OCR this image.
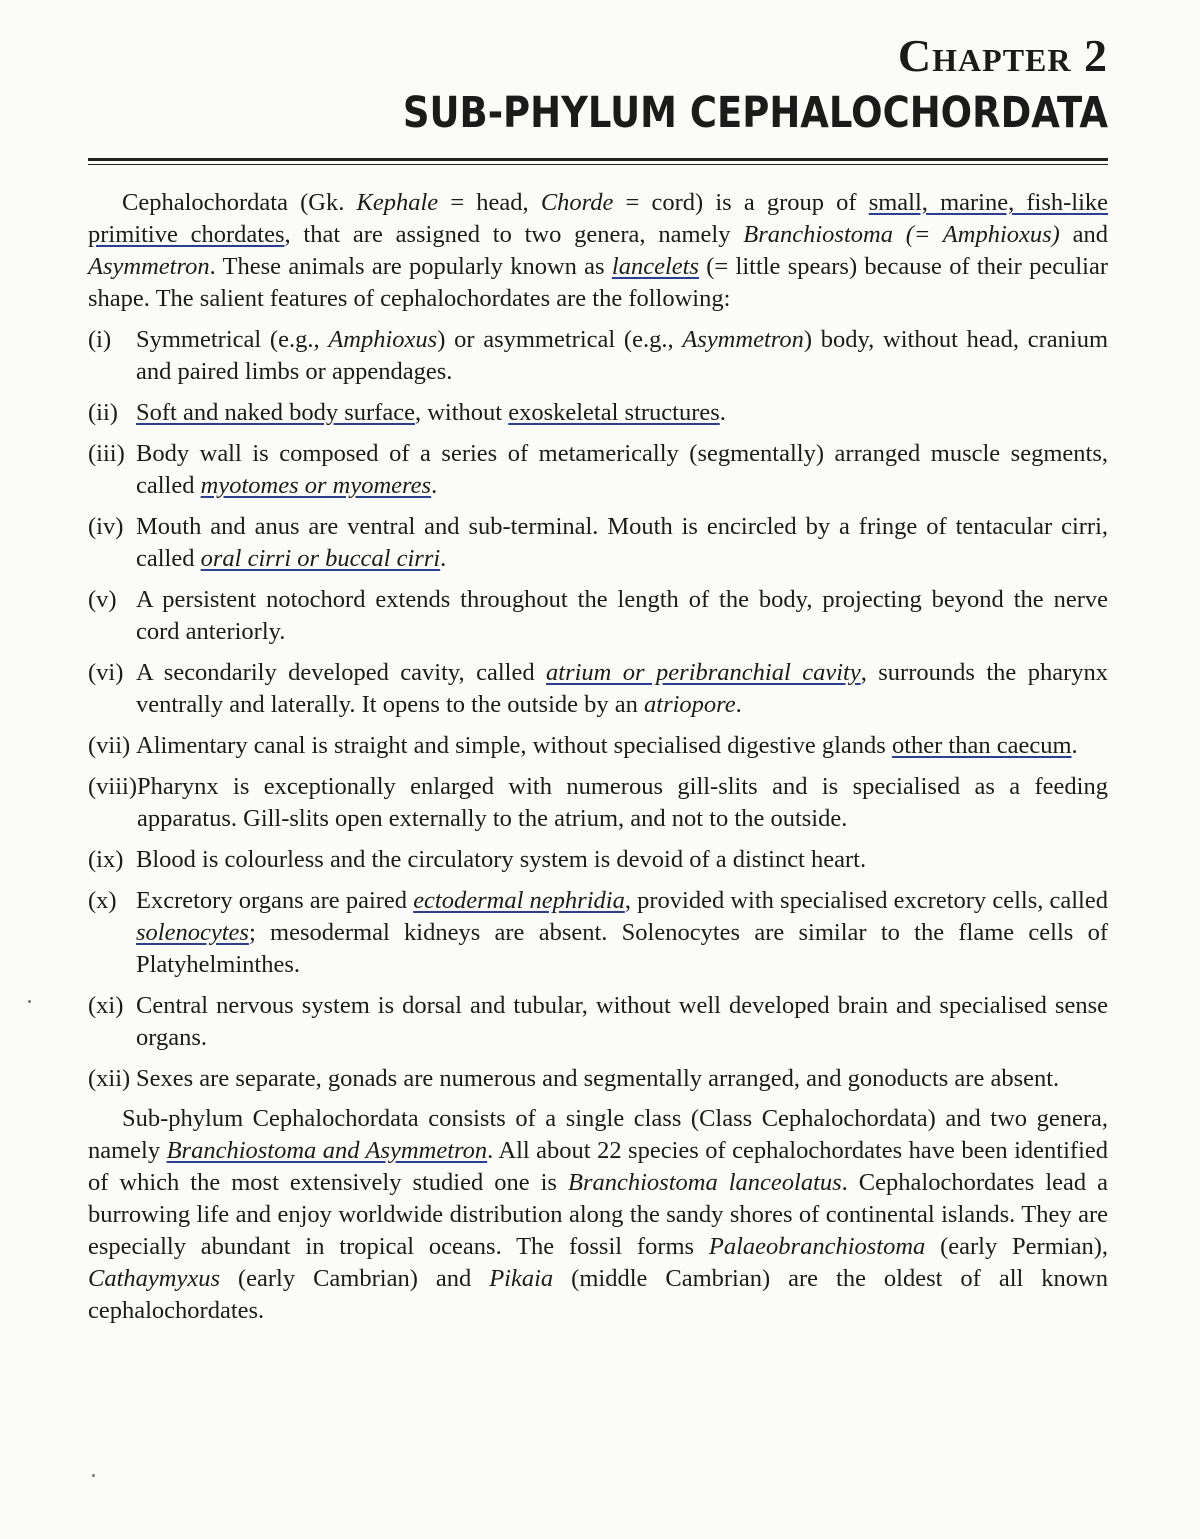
Chapter 2

SUB-PHYLUM CEPHALOCHORDATA

Cephalochordata (Gk. Kephale = head, Chorde = cord) is a group of small, marine, fish-like primitive chordates, that are assigned to two genera, namely Branchiostoma (= Amphioxus) and Asymmetron. These animals are popularly known as lancelets (= little spears) because of their peculiar shape. The salient features of cephalochordates are the following:

(i)	Symmetrical (e.g., Amphioxus) or asymmetrical (e.g., Asymmetron) body, without head, cranium and paired limbs or appendages.
(ii) Soft and naked body surface, without exoskeletal structures.
(iii) Body wall is composed of a series of metamerically (segmentally) arranged muscle segments, called myotomes or myomeres.
(iv) Mouth and anus are ventral and sub-terminal. Mouth is encircled by a fringe of tentacular cirri, called oral cirri or buccal cirri.
(v) A persistent notochord extends throughout the length of the body, projecting beyond the nerve cord anteriorly.
(vi) A secondarily developed cavity, called atrium or peribranchial cavity, surrounds the pharynx ventrally and laterally. It opens to the outside by an atriopore.
(vii) Alimentary canal is straight and simple, without specialised digestive glands other than caecum.
(viii) Pharynx is exceptionally enlarged with numerous gill-slits and is specialised as a feeding apparatus. Gill-slits open externally to the atrium, and not to the outside.
(ix) Blood is colourless and the circulatory system is devoid of a distinct heart.
(x) Excretory organs are paired ectodermal nephridia, provided with specialised excretory cells, called solenocytes; mesodermal kidneys are absent. Solenocytes are similar to the flame cells of Platyhelminthes.
(xi) Central nervous system is dorsal and tubular, without well developed brain and specialised sense organs.
(xii) Sexes are separate, gonads are numerous and segmentally arranged, and gonoducts are absent.

Sub-phylum Cephalochordata consists of a single class (Class Cephalochordata) and two genera, namely Branchiostoma and Asymmetron. All about 22 species of cephalochordates have been identified of which the most extensively studied one is Branchiostoma lanceolatus. Cephalochordates lead a burrowing life and enjoy worldwide distribution along the sandy shores of continental islands. They are especially abundant in tropical oceans. The fossil forms Palaeobranchiostoma (early Permian), Cathaymyxus (early Cambrian) and Pikaia (middle Cambrian) are the oldest of all known cephalochordates.
